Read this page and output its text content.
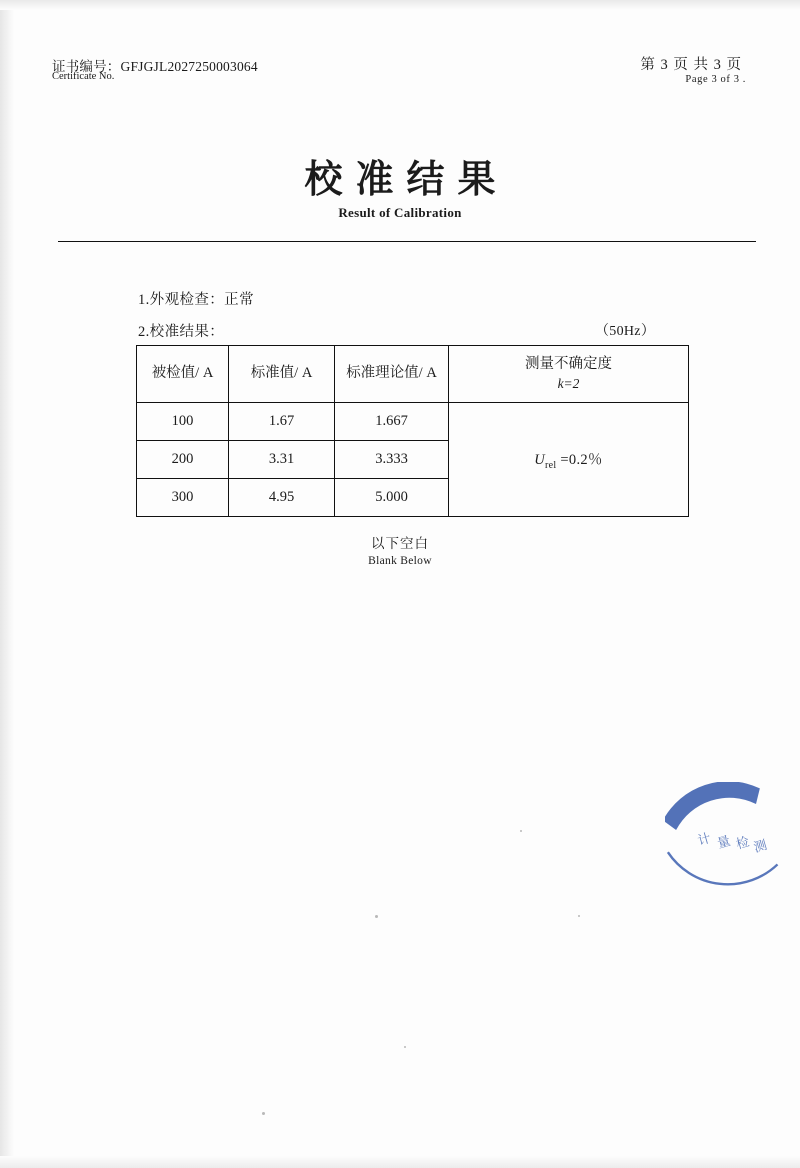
证书编号：GFJGJL2027250003064
Certificate No.
第 3 页 共 3 页
Page 3 of 3 .
校准结果
Result of Calibration
1.外观检查：正常
2.校准结果：	（50Hz）
被检值/ A	标准值/ A	标准理论值/ A	测量不确定度
k=2

100	1.67	1.667	$U_{rel} =0.2$％
200	3.31	3.333	
300	4.95	5.000	
以下空白
Blank Below
计 量 检 测
